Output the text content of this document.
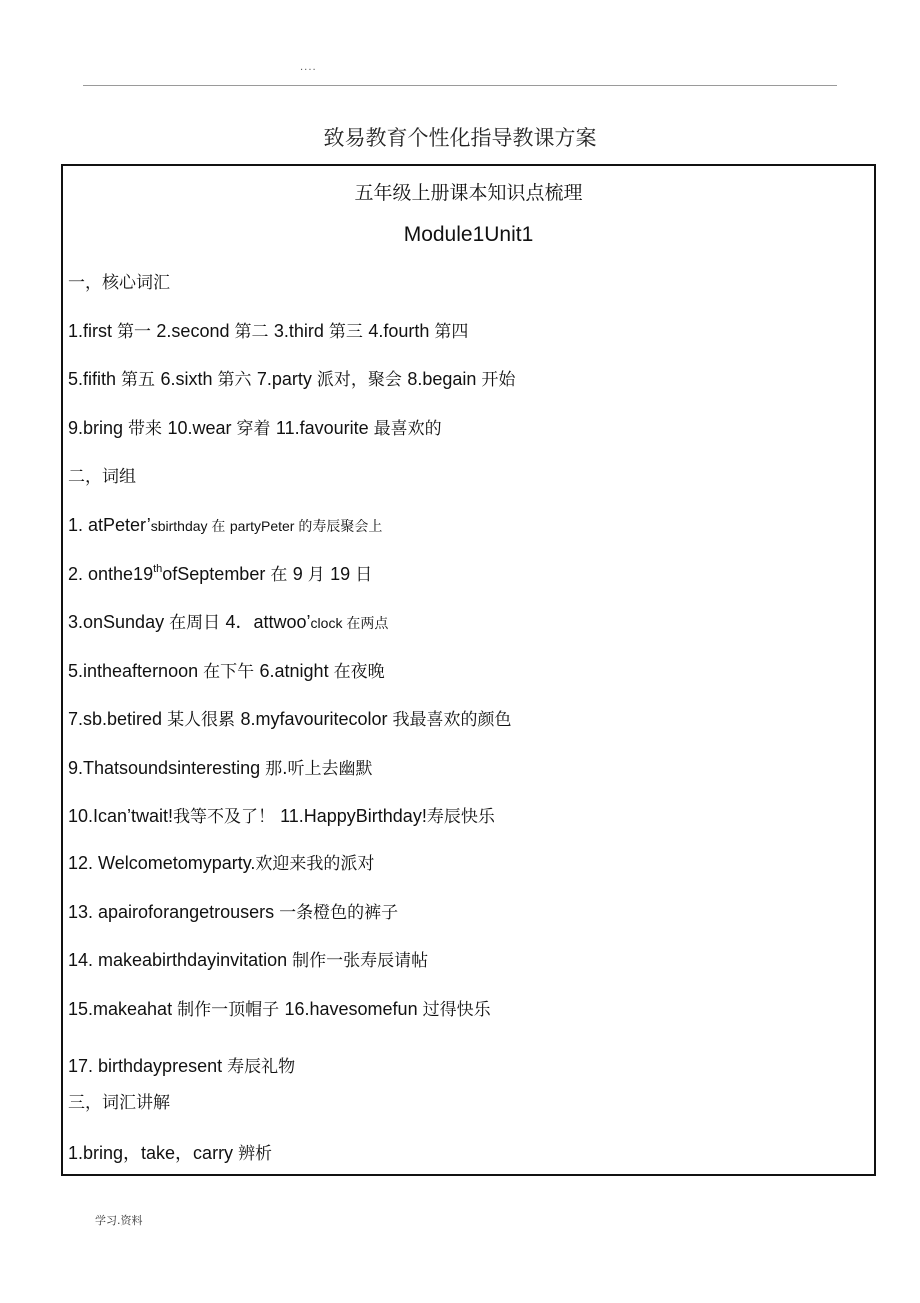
....
致易教育个性化指导教课方案
五年级上册课本知识点梳理
Module1Unit1
一，核心词汇
1.first 第一 2.second 第二 3.third 第三 4.fourth 第四
5.fifith 第五 6.sixth 第六 7.party 派对，聚会 8.begain 开始
9.bring 带来 10.wear 穿着 11.favourite 最喜欢的
二，词组
1. atPeter’sbirthday 在 partyPeter 的寿辰聚会上
2. onthe19thofSeptember 在 9 月 19 日
3.onSunday 在周日 4．attwoo’clock 在两点
5.intheafternoon 在下午 6.atnight 在夜晚
7.sb.betired 某人很累 8.myfavouritecolor 我最喜欢的颜色
9.Thatsoundsinteresting 那.听上去幽默
10.Ican’twait!我等不及了！ 11.HappyBirthday!寿辰快乐
12. Welcometomyparty.欢迎来我的派对
13. apairoforangetrousers 一条橙色的裤子
14. makeabirthdayinvitation 制作一张寿辰请帖
15.makeahat 制作一顶帽子 16.havesomefun 过得快乐
17. birthdaypresent 寿辰礼物
三，词汇讲解
1.bring，take，carry 辨析
学习.资料
